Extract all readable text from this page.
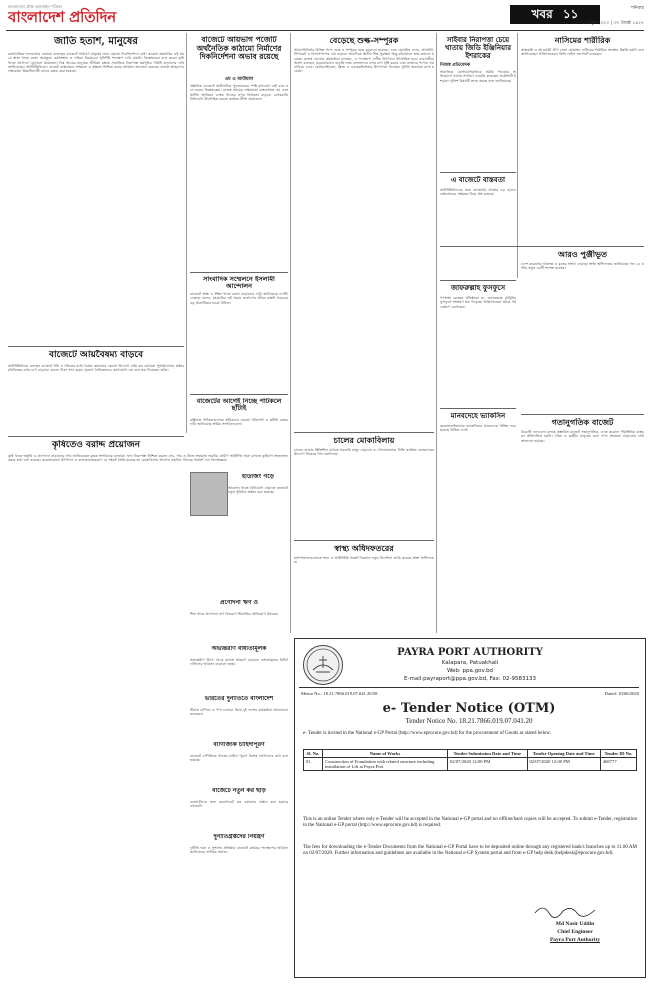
বাংলাদেশে প্রথম অনলাইন পত্রিকা
বাংলাদেশ প্রতিদিন	খবর ১১	শনিবার
১৩ জুন ২০২০ | ৩০ জ্যৈষ্ঠ ১৪২৭
জাতি হতাশ, মানুষের
রাজনৈতিক দলগুলোর নেতারা বলেছেন বাজেটে সাধারণ মানুষের জন্য কোনো দিকনির্দেশনা নেই। করোনা মহামারির এই সময়ে স্বাস্থ্য খাতে বরাদ্দ অপ্রতুল। কর্মসংস্থান ও দারিদ্র্য বিমোচনে সুনির্দিষ্ট পদক্ষেপ দেখা যায়নি। বিশ্লেষকেরা মনে করেন কৃষি খাতে প্রণোদনা বাড়ানো প্রয়োজন। নিম্ন আয়ের মানুষের জীবিকা রক্ষায় সামাজিক নিরাপত্তা কর্মসূচির পরিধি বাড়ানোর দাবি জানিয়েছেন অর্থনীতিবিদরা। বাজেট বাস্তবায়নে সক্ষমতা ও স্বচ্ছতা নিশ্চিত করার আহ্বান জানানো হয়েছে। রাজস্ব আহরণের লক্ষ্যমাত্রা উচ্চাভিলাষী বলেও মন্তব্য করা হয়েছে।
বাজেটে আয়বৈষম্য বাড়বে
অর্থনীতিবিদরা বলছেন বাজেটে ধনী ও দরিদ্রের মধ্যে বৈষম্য কমানোর কোনো উদ্যোগ নেই। কর কাঠামো পুনর্বিন্যাসের প্রস্তাব মধ্যবিত্তের ওপর চাপ বাড়াবে। কালো টাকা সাদা করার সুযোগ নৈতিকভাবে গ্রহণযোগ্য নয় বলে মত দিয়েছেন তাঁরা।
কৃষিতেও বরাদ্দ প্রয়োজন
কৃষি খাতে ভর্তুকি ও প্রণোদনা বাড়ানোর দাবি জানিয়েছেন কৃষক সংগঠনের নেতারা। খাদ্য নিরাপত্তা নিশ্চিত করতে সেচ, সার ও বীজে সহায়তা জরুরি। গ্রামীণ অর্থনীতি সচল রাখতে কৃষিঋণ সহজলভ্য করার কথা বলা হয়েছে। করোনাকালে উৎপাদন ও বাজারজাতকরণে যে সংকট তৈরি হয়েছে তা মোকাবিলায় আলাদা তহবিল গঠনের পরামর্শ দেন বিশেষজ্ঞরা।
বাজেটে আয়ভাগ পজেটি অর্থনৈতিক কাঠামো নির্মাণের দিকনির্দেশনা অভাব রয়েছে
এম এ আউয়াল
প্রস্তাবিত বাজেটে অর্থনৈতিক পুনরুদ্ধারের স্পষ্ট রূপরেখা নেই বলে মনে করেন বিশ্লেষকেরা। রাজস্ব আয়ের লক্ষ্যমাত্রা বাস্তবসম্মত নয় এবং ঘাটতি অর্থায়নে ব্যাংক খাতের ওপর নির্ভরতা বাড়বে। বেসরকারি বিনিয়োগ উৎসাহিত করতে কার্যকর নীতি প্রয়োজন।
সাংবাদিক সম্মেলনে ইসলামী আন্দোলন
বাজেটে স্বাস্থ্য ও শিক্ষা খাতে বরাদ্দ বাড়ানোর দাবি জানিয়েছে দলটি। নেতারা বলেন, মহামারির এই সময়ে জনগণের জীবন রক্ষাই সবচেয়ে বড় অগ্রাধিকার হওয়া উচিত।
বাজেটের আগেই নিচ্ছে পাটকলে ছাঁটাই
রাষ্ট্রায়ত্ত পাটকলগুলোর শ্রমিকদের বকেয়া পরিশোধ ও ছাঁটাই বন্ধের দাবি জানিয়েছে শ্রমিক সংগঠনগুলো।
হাউজিং গড়ে
আবাসন খাতে বিনিয়োগ বাড়াতে বাজেটে নতুন সুবিধার প্রস্তাব করা হয়েছে।
প্রণোদনা ঋণ ও
শিল্প খাতে প্রণোদনা ঋণ বিতরণে ধীরগতির অভিযোগ উঠেছে।
বেড়েছে শুল্ক-সম্পূরক
আমদানিনির্ভর বিভিন্ন পণ্যে শুল্ক ও সম্পূরক শুল্ক বাড়ানো হয়েছে। এতে মোবাইল ফোন, প্রসাধনী, সিগারেট ও বিলাসপণ্যের দাম বাড়বে। অন্যদিকে স্থানীয় শিল্প সুরক্ষায় কিছু কাঁচামালে শুল্ক কমানো হয়েছে। রাজস্ব বোর্ডের কর্মকর্তারা বলছেন, এ পদক্ষেপে দেশীয় উৎপাদন উৎসাহিত হবে। ব্যবসায়ীরা অবশ্য বলছেন, করোনাকালে বাড়তি শুল্ক ভোক্তাদের ওপর চাপ সৃষ্টি করবে এবং বাজারে পণ্যের দাম বাড়িয়ে দেবে। মোটরসাইকেল, ফ্রিজ ও এয়ারকন্ডিশনার উৎপাদনে বিদ্যমান সুবিধা অব্যাহত রাখা হয়েছে।
চালের মোকাবিলায়
চালের বাজার স্থিতিশীল রাখতে সরকারি মজুদ বাড়ানো ও খোলাবাজারে বিক্রি কার্যক্রম জোরদারের উদ্যোগ নিয়েছে খাদ্য মন্ত্রণালয়।
স্বাস্থ্য অধিদফতরের
হাসপাতালগুলোতে শয্যা ও আইসিইউ সংকট নিরসনে নতুন নির্দেশনা জারি করেছে স্বাস্থ্য অধিদফতর।
সাইবার নিরাপত্তা চেয়ে খাতায় জিডি ইঞ্জিনিয়ার ইশরাকের
নিজস্ব প্রতিবেদক
সামাজিক যোগাযোগমাধ্যমে হুমকি পাওয়ার অভিযোগে থানায় সাধারণ ডায়েরি করেছেন প্রকৌশলী ইশরাক। পুলিশ বিষয়টি তদন্ত করছে বলে জানিয়েছে।
এ বাজেটে বাস্তবতা
অর্থনীতিবিদদের মতে বাজেটের আকার বড় হলেও বাস্তবায়নের সক্ষমতা নিয়ে প্রশ্ন রয়েছে।
জাফরুল্লাহ ফুসফুসে
গণস্বাস্থ্য কেন্দ্রের প্রতিষ্ঠাতা ডা. জাফরুল্লাহ চৌধুরীর ফুসফুসে সংক্রমণ ধরা পড়েছে। চিকিৎসকেরা তাঁকে পর্যবেক্ষণে রেখেছেন।
মানবদেহে ভ্যাকসিন
করোনাভাইরাসের ভ্যাকসিনের মানবদেহে পরীক্ষা শুরু হয়েছে বিভিন্ন দেশে।
নাসিমের শারীরিক
স্বাস্থ্যমন্ত্রী ও আওয়ামী লীগ নেতা মোহাম্মদ নাসিমের শারীরিক অবস্থার উন্নতি হয়নি বলে জানিয়েছেন চিকিৎসকেরা। তিনি লাইফ সাপোর্টে রয়েছেন।
আরও পুঞ্জীভূত
দেশে করোনায় আক্রান্ত ও মৃতের সংখ্যা বাড়ছে। স্বাস্থ্য অধিদফতর জানিয়েছে গত ২৪ ঘণ্টায় নতুন রোগী শনাক্ত হয়েছে।
গতানুগতিক বাজেট
বিরোধী দলগুলো বলছে প্রস্তাবিত বাজেট গতানুগতিক, এতে করোনা পরিস্থিতির বাস্তবতা প্রতিফলিত হয়নি। দরিদ্র ও কর্মহীন মানুষের জন্য নগদ সহায়তা বাড়ানোর দাবি জানানো হয়েছে।
অভ্যন্তরীণ বাধ্যতামূলক
অভ্যন্তরীণ উৎস থেকে রাজস্ব আহরণ বাড়াতে বাধ্যতামূলক রিটার্ন দাখিলের আওতা বাড়ানো হচ্ছে।
ভারতের দুর্নীতিতে বাংলাদেশ
সীমান্ত বাণিজ্য ও পণ্য চলাচল নিয়ে দুই দেশের কর্মকর্তারা আলোচনা করেছেন।
বাণিজ্যিক চাহিদাপূরণ
বাজেটে বাণিজ্যিক খাতের চাহিদা পূরণে বিশেষ প্রণোদনার কথা বলা হয়েছে।
বাজেটে নতুন কর ছাড়
ব্যবসায়ীদের জন্য করপোরেট কর কমানোর প্রস্তাব করা হয়েছে বাজেটে।
দুর্নীতিগ্রস্তদের নিয়ন্ত্রণ
দুর্নীতি দমন ও সুশাসন প্রতিষ্ঠায় বাজেটে কার্যকর পদক্ষেপের আহ্বান জানিয়েছে নাগরিক সমাজ।
PAYRA PORT AUTHORITY
Kalapara, Patuakhali
Web: ppa.gov.bd
E-mail:payraport@ppa.gov.bd, Fax: 02-9583133
Memo No.: 18.21.7866.019.07.041.20/58	Dated: 10/06/2020
e- Tender Notice (OTM)
Tender Notice No. 18.21.7866.019.07.041.20
e- Tender is invited in the National e-GP Portal (http://www.eprocure.gov.bd) for the procurement of Goods as stated below:
Sl. No.	Name of Works	Tender Submission Date and Time	Tender Opening Date and Time	Tender ID No.
01.	Construction of Foundation with related structure including installation of Lift at Payra Port	02/07/2020 12:00 PM	02/07/2020 12:00 PM	468777
This is an online Tender where only e-Tender will be accepted in the National e-GP portal and no offline/hard copies will be accepted. To submit e-Tender, registration in the National e-GP portal (http://www.eprocure.gov.bd) is required.
The fees for downloading the e-Tender Documents from the National e-GP Portal have to be deposited online through any registered bank's branches up to 11.00 AM on 02/07/2020. Further information and guidelines are available in the National e-GP System portal and from e-GP help desk (helpdesk@eprocure.gov.bd).
Md Nasir Uddin
Chief Engineer
Payra Port Authority
